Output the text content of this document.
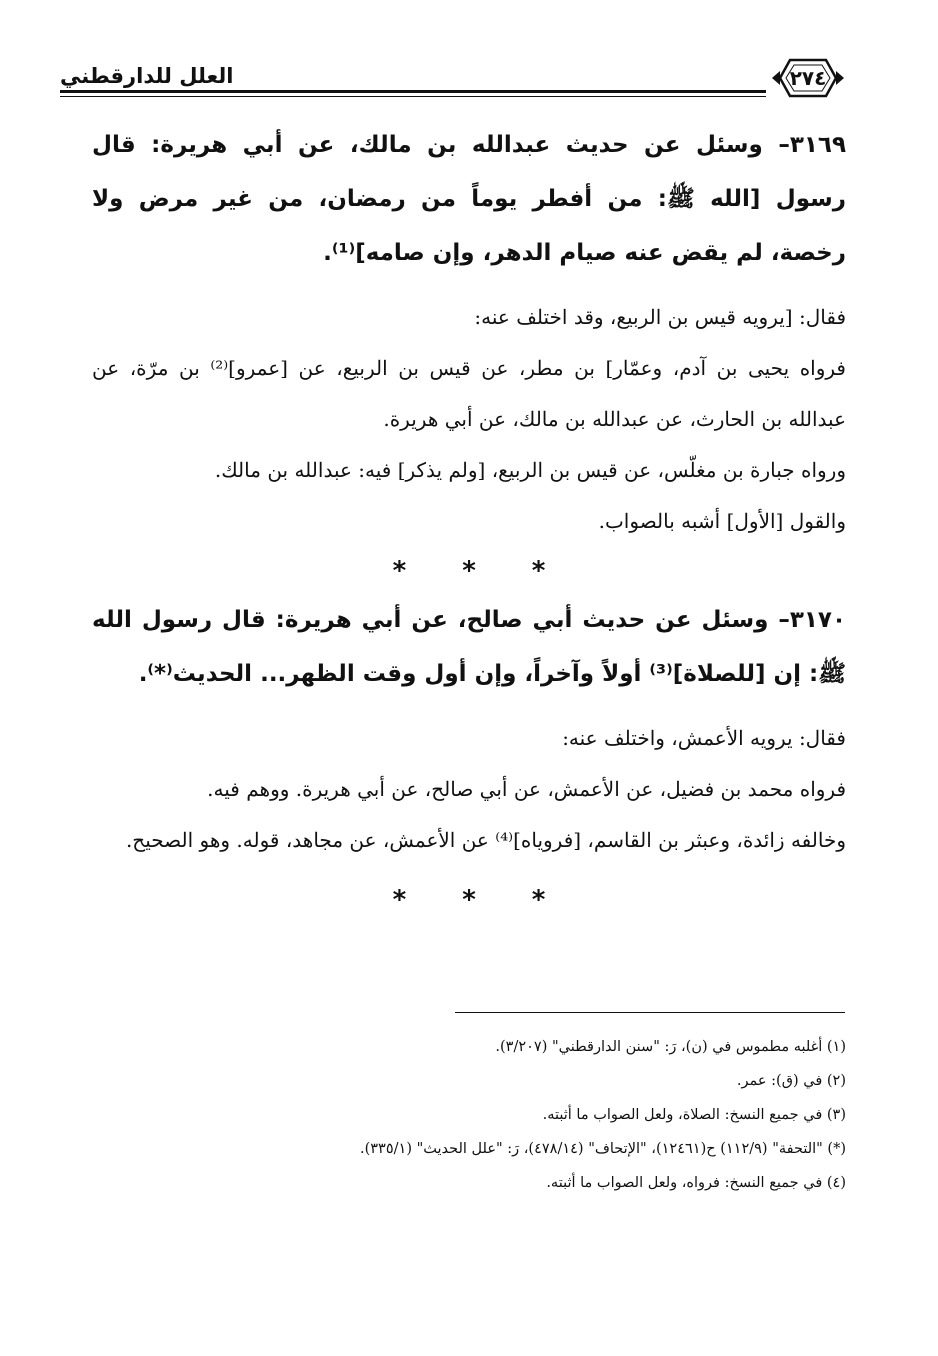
٢٧٤
العلل للدارقطني

٣١٦٩– وسئل عن حديث عبدالله بن مالك، عن أبي هريرة: قال رسول [الله ﷺ: من أفطر يوماً من رمضان، من غير مرض ولا رخصة، لم يقض عنه صيام الدهر، وإن صامه]⁽¹⁾.

فقال: [يرويه قيس بن الربيع، وقد اختلف عنه:

فرواه يحيى بن آدم، وعمّار] بن مطر، عن قيس بن الربيع، عن [عمرو]⁽²⁾ بن مرّة، عن عبدالله بن الحارث، عن عبدالله بن مالك، عن أبي هريرة.

ورواه جبارة بن مغلّس، عن قيس بن الربيع، [ولم يذكر] فيه: عبدالله بن مالك.

والقول [الأول] أشبه بالصواب.

***

٣١٧٠– وسئل عن حديث أبي صالح، عن أبي هريرة: قال رسول الله ﷺ: إن [للصلاة]⁽³⁾ أولاً وآخراً، وإن أول وقت الظهر... الحديث⁽*⁾.

فقال: يرويه الأعمش، واختلف عنه:

فرواه محمد بن فضيل، عن الأعمش، عن أبي صالح، عن أبي هريرة. ووهم فيه.

وخالفه زائدة، وعبثر بن القاسم، [فروياه]⁽⁴⁾ عن الأعمش، عن مجاهد، قوله. وهو الصحيح.

***

(١) أغلبه مطموس في (ن)، رَ: "سنن الدارقطني" (٣/٢٠٧).

(٢) في (ق): عمر.

(٣) في جميع النسخ: الصلاة، ولعل الصواب ما أثبته.

(*) "التحفة" (١١٢/٩) ح(١٢٤٦١)، "الإتحاف" (٤٧٨/١٤)، رَ: "علل الحديث" (٣٣٥/١).

(٤) في جميع النسخ: فرواه، ولعل الصواب ما أثبته.
